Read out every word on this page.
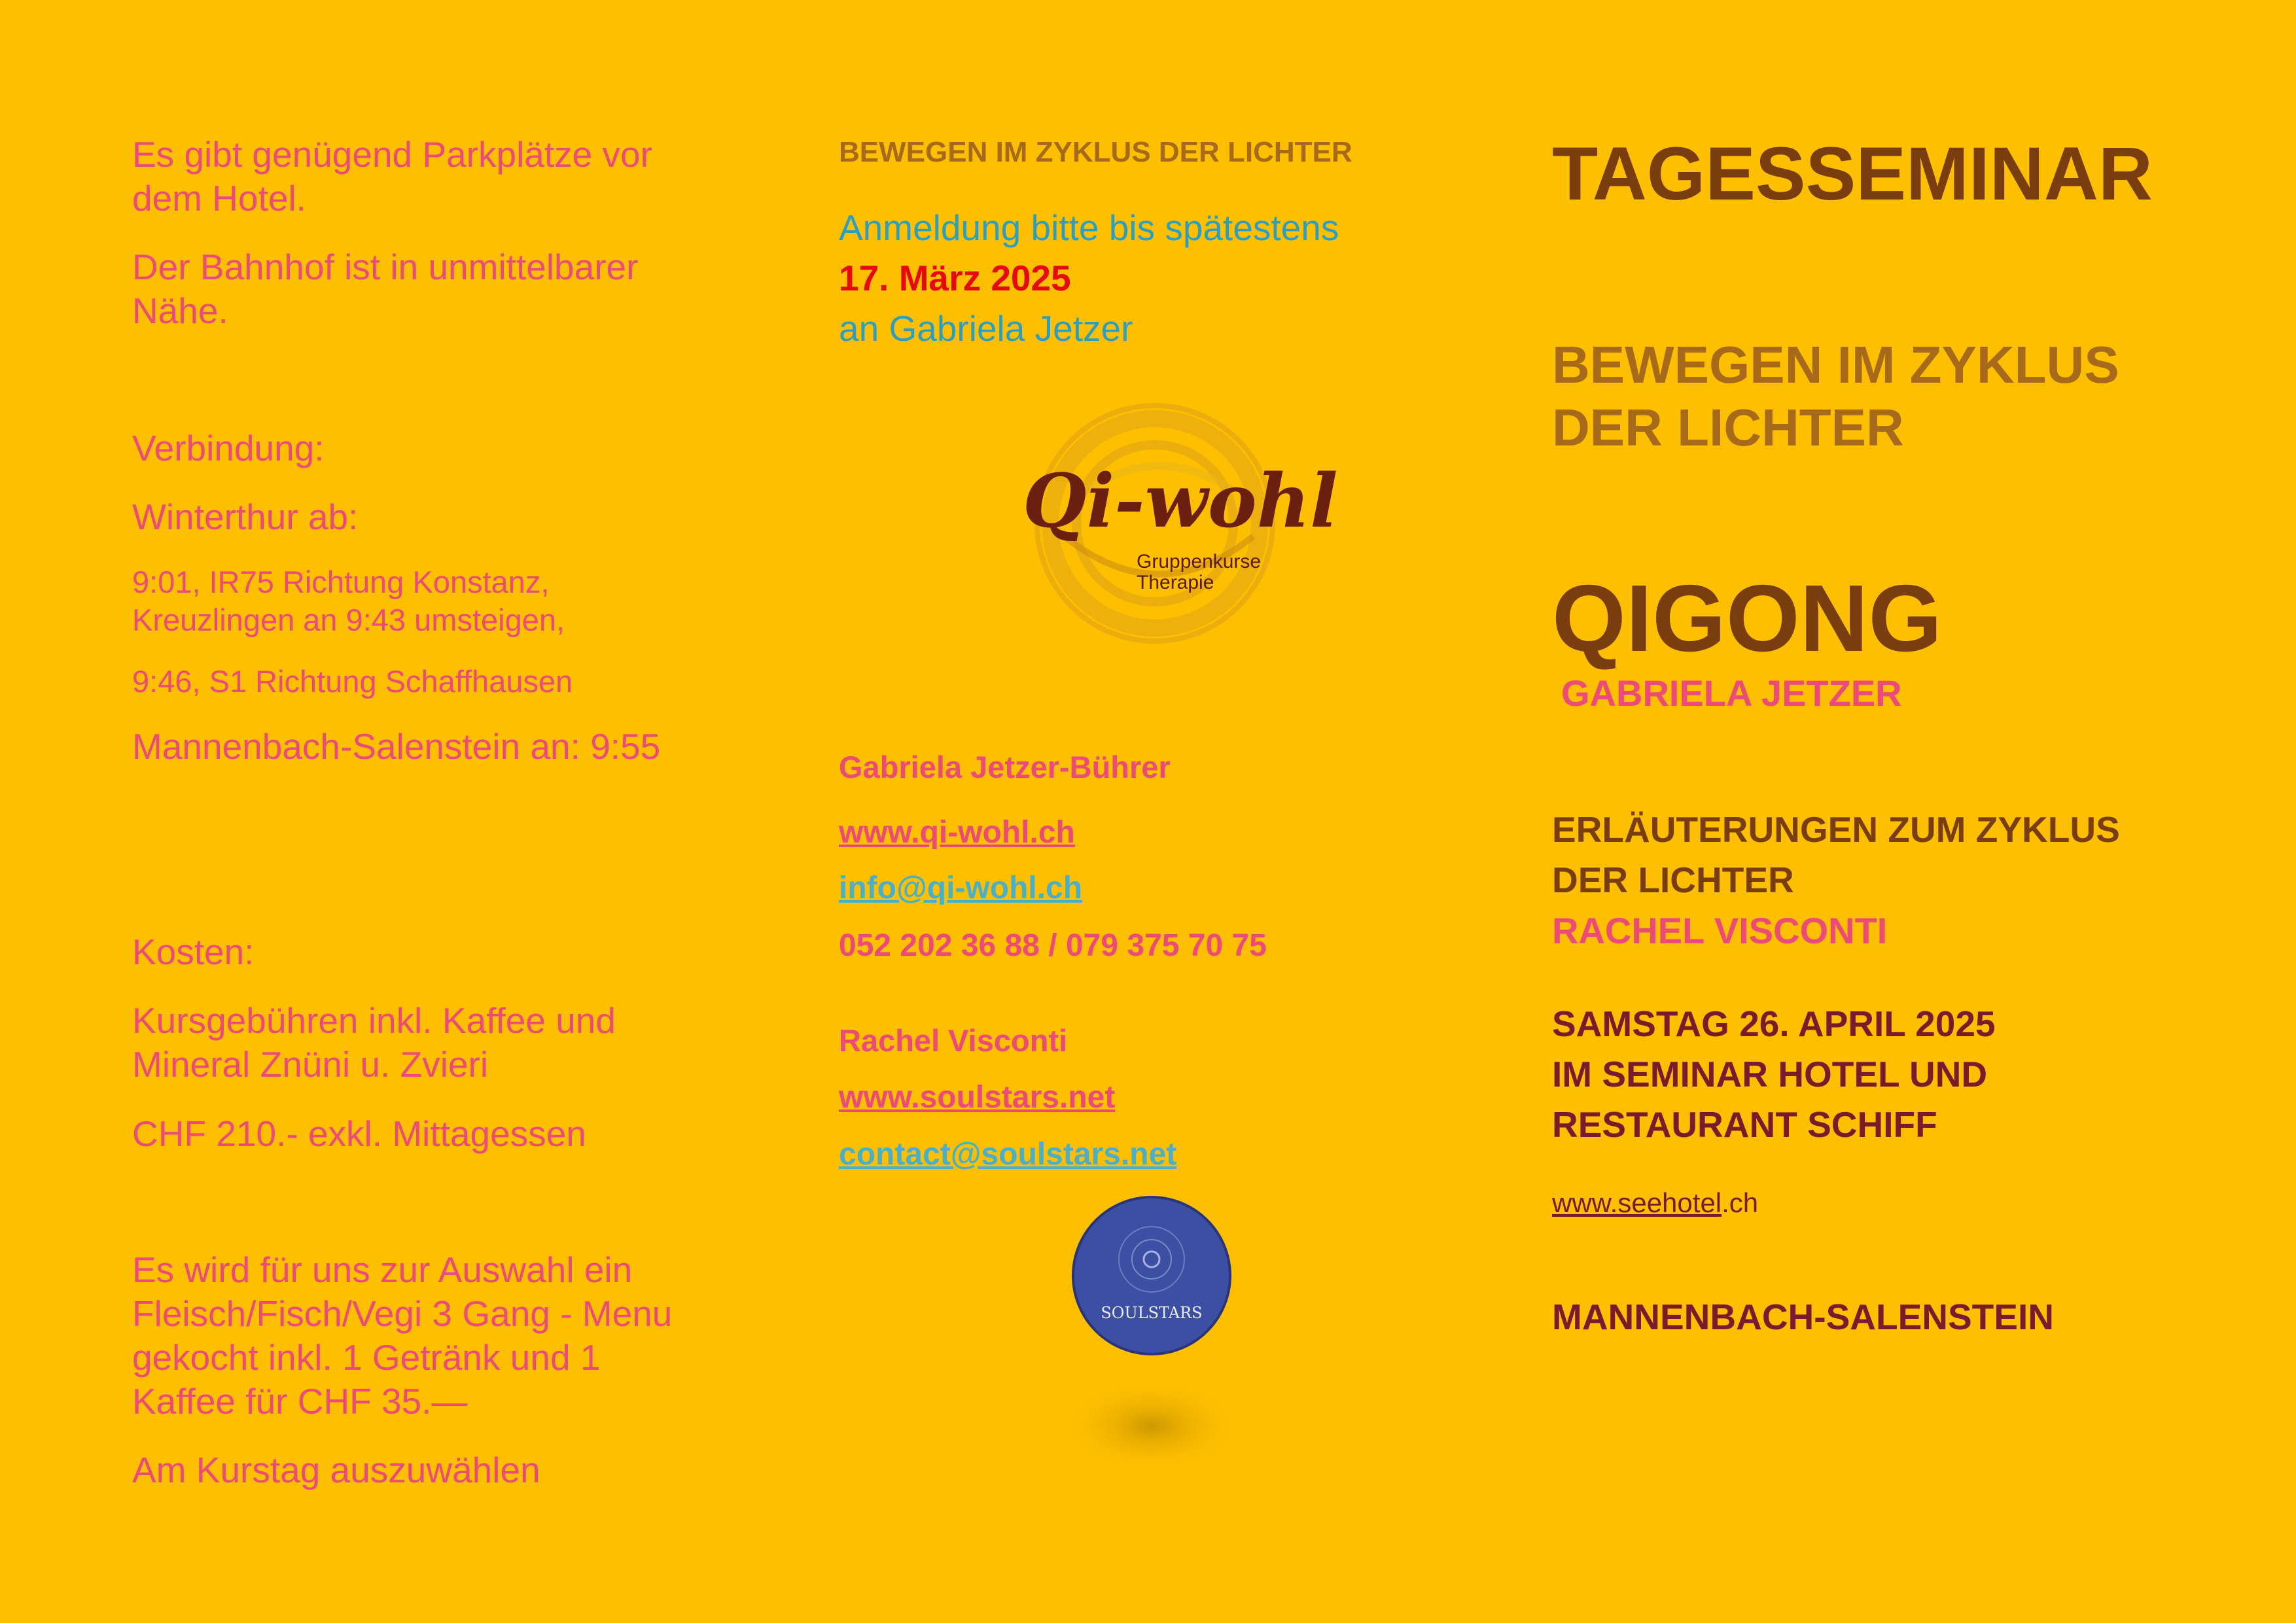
Es gibt genügend Parkplätze vor
dem Hotel.

Der Bahnhof ist in unmittelbarer
Nähe.

Verbindung:

Winterthur ab:

9:01, IR75 Richtung Konstanz,
Kreuzlingen an 9:43 umsteigen,

9:46, S1 Richtung Schaffhausen

Mannenbach-Salenstein an: 9:55

Kosten:

Kursgebühren inkl. Kaffee und
Mineral Znüni u. Zvieri

CHF 210.- exkl. Mittagessen

Es wird für uns zur Auswahl ein
Fleisch/Fisch/Vegi 3 Gang - Menu
gekocht inkl. 1 Getränk und 1
Kaffee für CHF 35.—

Am Kurstag auszuwählen

BEWEGEN IM ZYKLUS DER LICHTER

Anmeldung bitte bis spätestens

17. März 2025

an Gabriela Jetzer

Gabriela Jetzer-Bührer

www.qi-wohl.ch
info@qi-wohl.ch

052 202 36 88 / 079 375 70 75

Rachel Visconti

www.soulstars.net
contact@soulstars.net
Qi-wohl
Gruppenkurse
Therapie
SOULSTARS

TAGESSEMINAR

BEWEGEN IM ZYKLUS
DER LICHTER

QIGONG

GABRIELA JETZER

ERLÄUTERUNGEN ZUM ZYKLUS
DER LICHTER

RACHEL VISCONTI

SAMSTAG 26. APRIL 2025
IM SEMINAR HOTEL UND
RESTAURANT SCHIFF

www.seehotel.ch

MANNENBACH-SALENSTEIN
